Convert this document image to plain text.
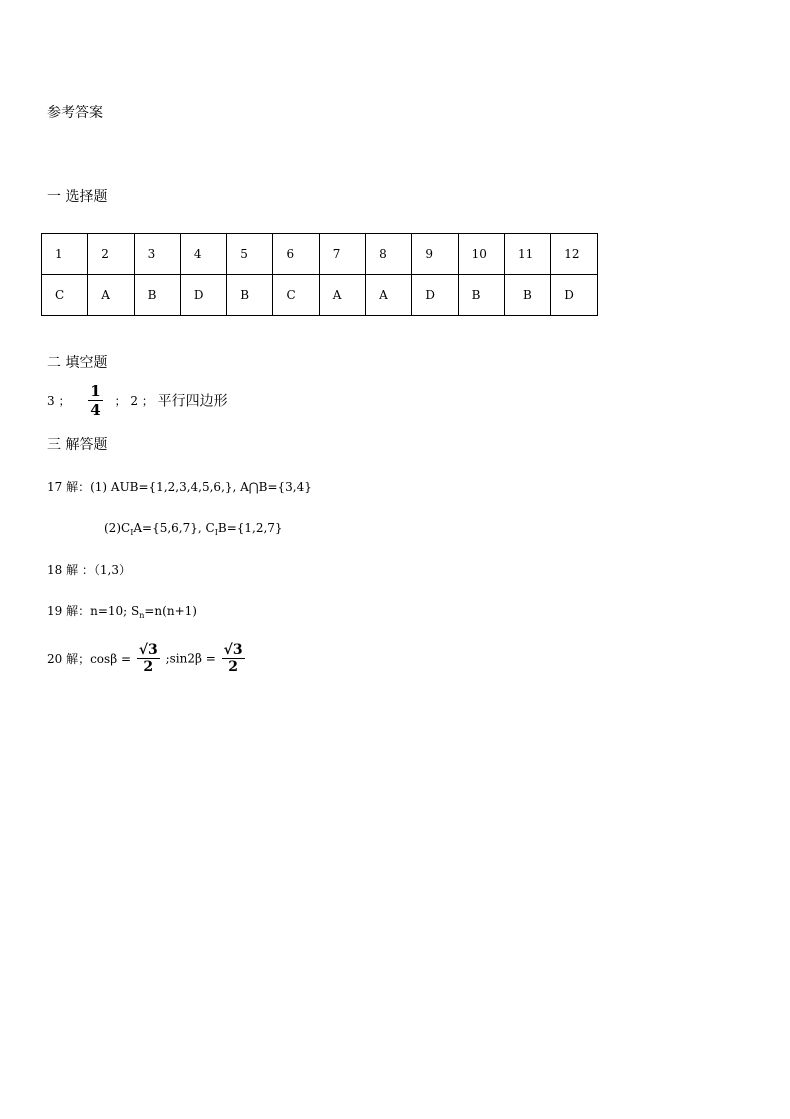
参考答案
一 选择题
1	2	3	4	5	6	7	8	9	10	11	12
C	A	B	D	B	C	A	A	D	B	B	D
二 填空题
3 ； $\frac{1}{4}$ ； 2 ； 平行四边形
三 解答题
17 解：(1) AUB={1,2,3,4,5,6,}, A⋂B={3,4}
$(2)C_IA=\{5,6,7\}$, $C_IB=\{1,2,7\}$
18 解 ：（1,3）
19 解：n=10; $S_n=n(n+1)$
20 解；$\cos\beta = \frac{√3}{2}$ ;sin2β = $\frac{√3}{2}$
